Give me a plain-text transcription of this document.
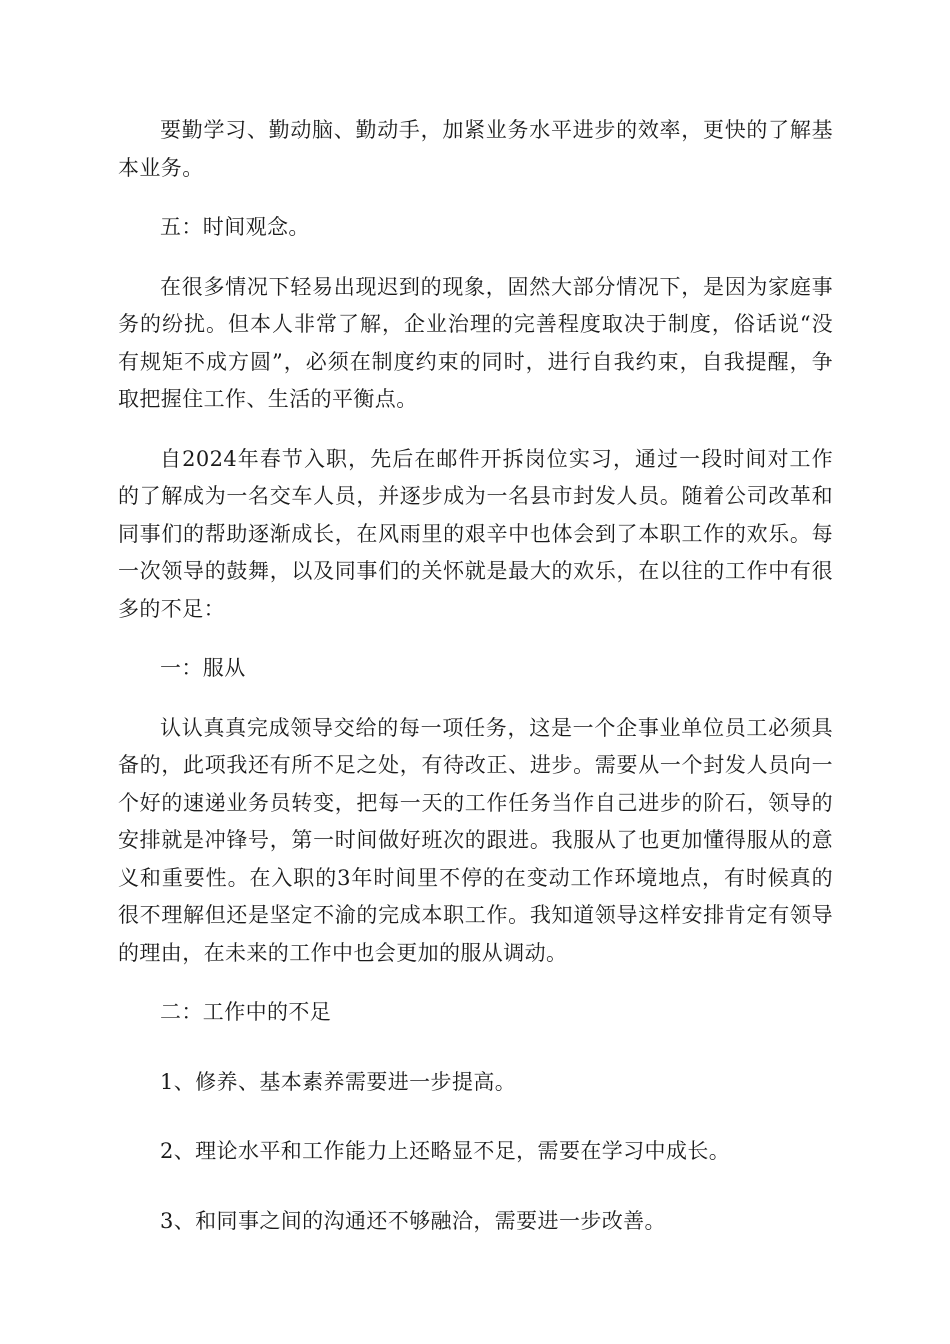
要勤学习、勤动脑、勤动手，加紧业务水平进步的效率，更快的了解基本业务。

五：时间观念。

在很多情况下轻易出现迟到的现象，固然大部分情况下，是因为家庭事务的纷扰。但本人非常了解，企业治理的完善程度取决于制度，俗话说“没有规矩不成方圆”，必须在制度约束的同时，进行自我约束，自我提醒，争取把握住工作、生活的平衡点。

自2024年春节入职，先后在邮件开拆岗位实习，通过一段时间对工作的了解成为一名交车人员，并逐步成为一名县市封发人员。随着公司改革和同事们的帮助逐渐成长，在风雨里的艰辛中也体会到了本职工作的欢乐。每一次领导的鼓舞，以及同事们的关怀就是最大的欢乐，在以往的工作中有很多的不足：

一：服从

认认真真完成领导交给的每一项任务，这是一个企事业单位员工必须具备的，此项我还有所不足之处，有待改正、进步。需要从一个封发人员向一个好的速递业务员转变，把每一天的工作任务当作自己进步的阶石，领导的安排就是冲锋号，第一时间做好班次的跟进。我服从了也更加懂得服从的意义和重要性。在入职的3年时间里不停的在变动工作环境地点，有时候真的很不理解但还是坚定不渝的完成本职工作。我知道领导这样安排肯定有领导的理由，在未来的工作中也会更加的服从调动。

二：工作中的不足

1、修养、基本素养需要进一步提高。

2、理论水平和工作能力上还略显不足，需要在学习中成长。

3、和同事之间的沟通还不够融洽，需要进一步改善。
